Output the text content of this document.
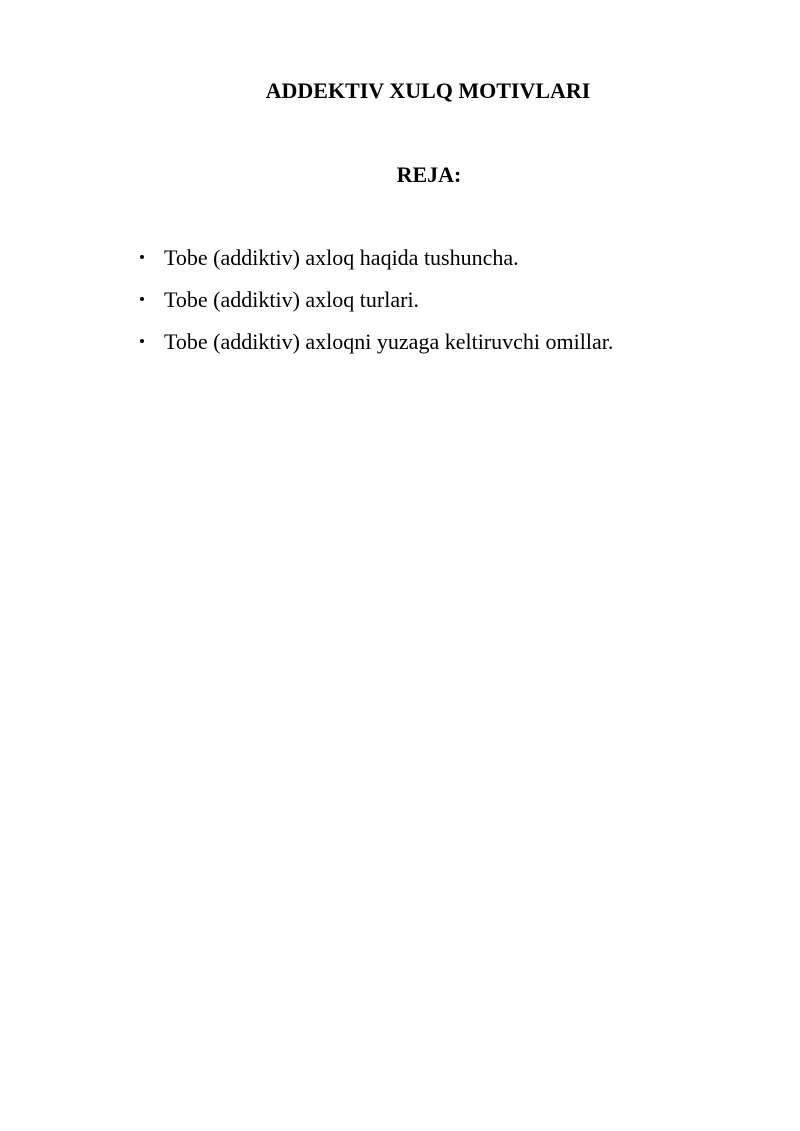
ADDEKTIV XULQ MOTIVLARI
REJA:
Tobe (addiktiv) axloq haqida tushuncha.
Tobe (addiktiv) axloq turlari.
Tobe (addiktiv) axloqni yuzaga keltiruvchi omillar.
